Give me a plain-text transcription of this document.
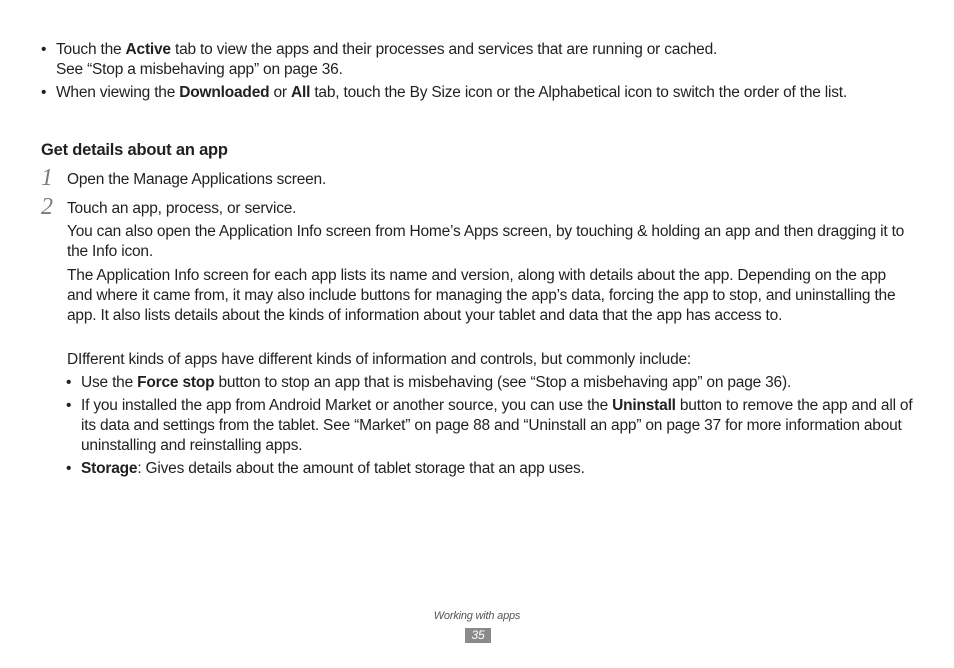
• Touch the Active tab to view the apps and their processes and services that are running or cached.
See “Stop a misbehaving app” on page 36.
• When viewing the Downloaded or All tab, touch the By Size icon or the Alphabetical icon to switch the order of the list.
Get details about an app
1 Open the Manage Applications screen.
2 Touch an app, process, or service.

You can also open the Application Info screen from Home’s Apps screen, by touching & holding an app and then dragging it to the Info icon.

The Application Info screen for each app lists its name and version, along with details about the app. Depending on the app and where it came from, it may also include buttons for managing the app’s data, forcing the app to stop, and uninstalling the app. It also lists details about the kinds of information about your tablet and data that the app has access to.

DIfferent kinds of apps have different kinds of information and controls, but commonly include:

• Use the Force stop button to stop an app that is misbehaving (see “Stop a misbehaving app” on page 36).
• If you installed the app from Android Market or another source, you can use the Uninstall button to remove the app and all of its data and settings from the tablet. See “Market” on page 88 and “Uninstall an app” on page 37 for more information about uninstalling and reinstalling apps.
• Storage: Gives details about the amount of tablet storage that an app uses.
Working with apps
35
